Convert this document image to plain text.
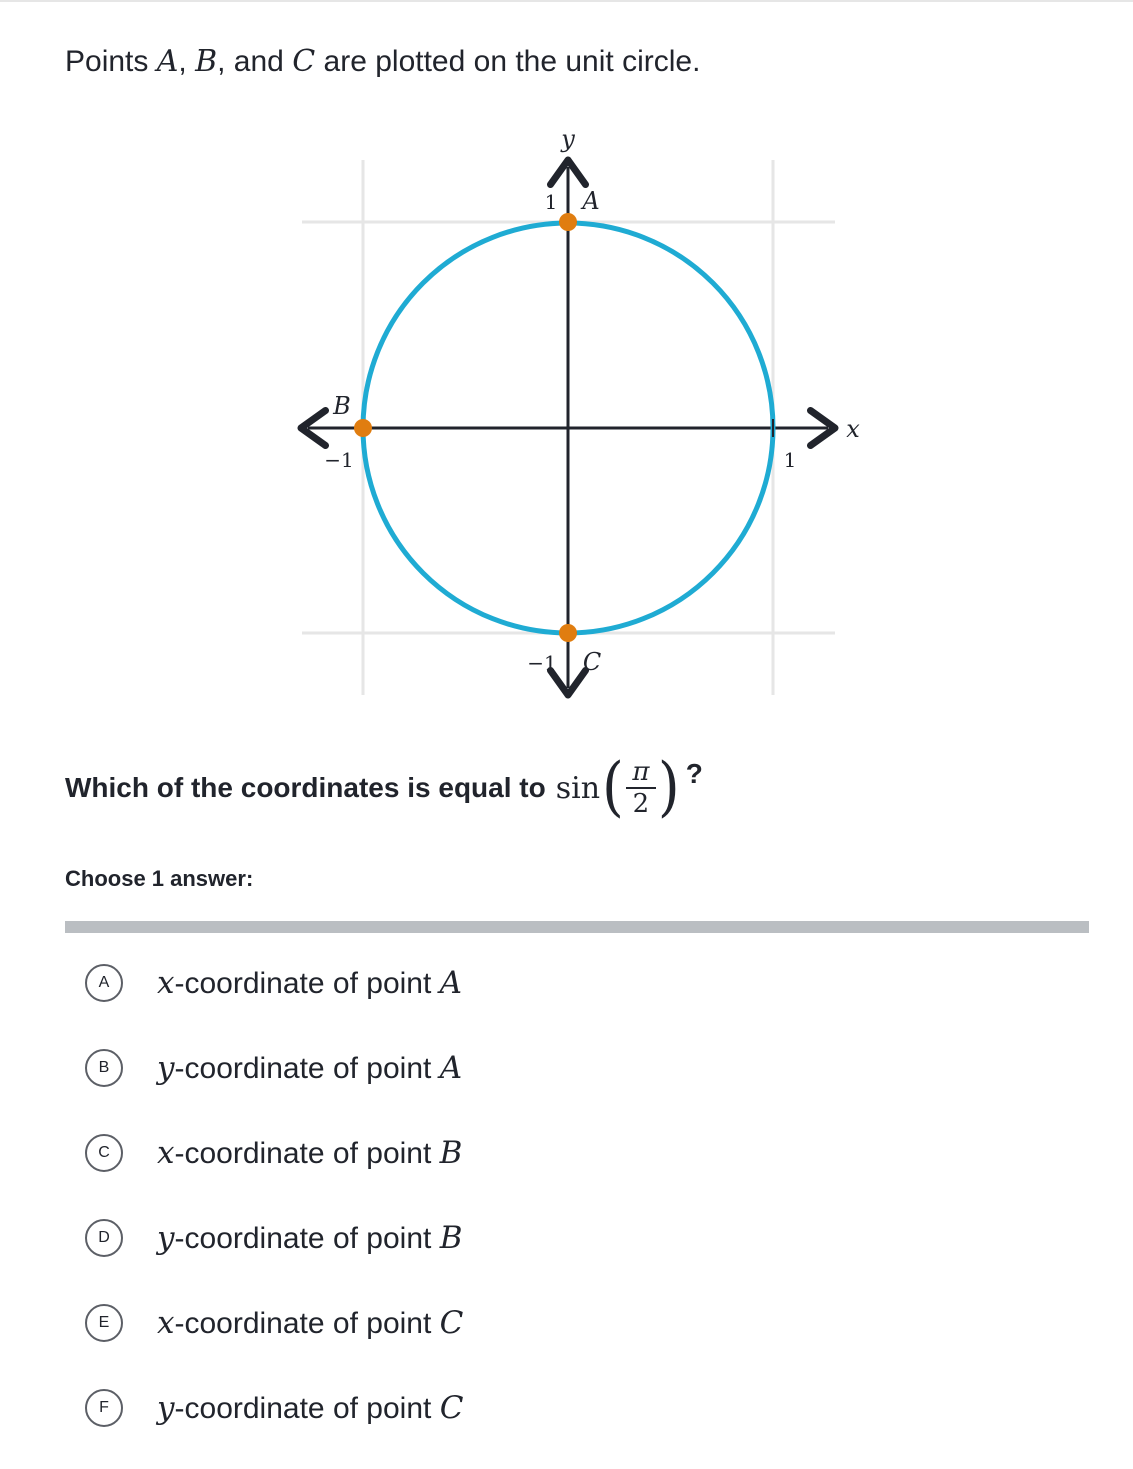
Points A, B, and C are plotted on the unit circle.
y
x
1
−1
1
−1
A
B
C
Which of the coordinates is equal to sin ( $\frac{\pi}{2}$ ) ?
Choose 1 answer:
A	x-coordinate of point A
B	y-coordinate of point A
C	x-coordinate of point B
D	y-coordinate of point B
E	x-coordinate of point C
F	y-coordinate of point C
